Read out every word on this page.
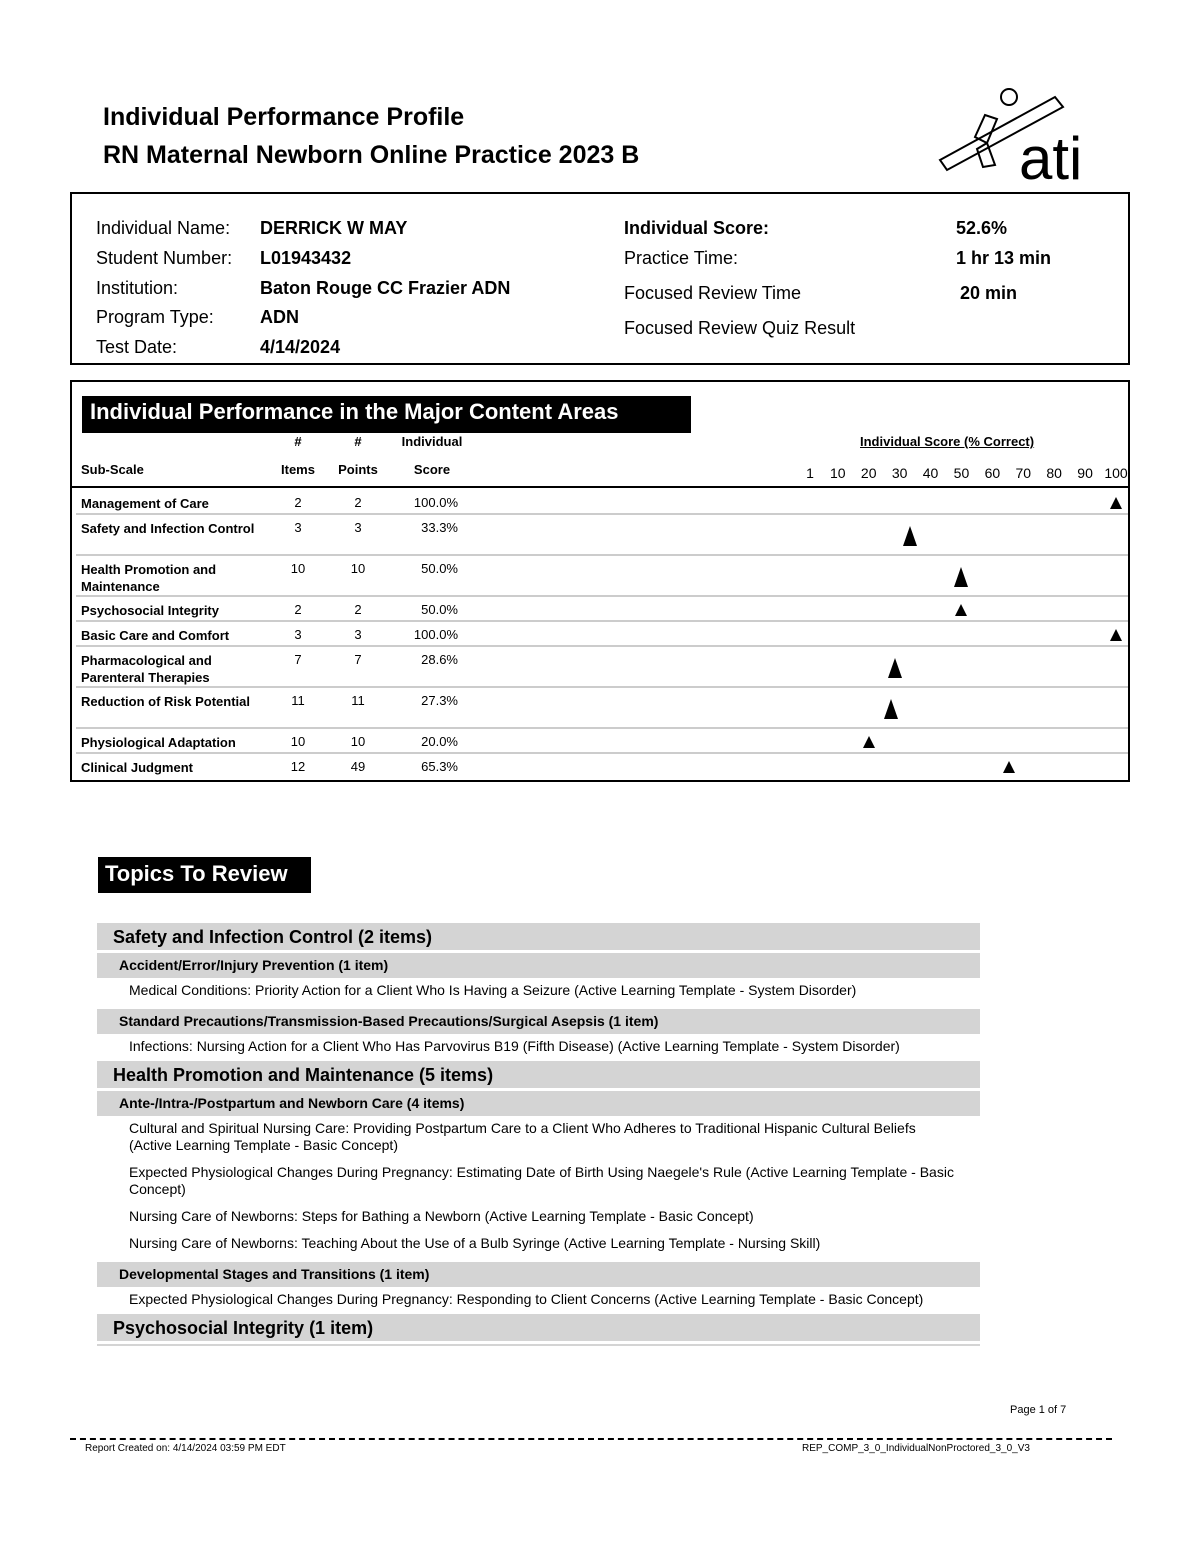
Individual Performance Profile
RN Maternal Newborn Online Practice 2023 B	ati
Individual Name: DERRICK W MAY
Student Number: L01943432
Institution:	Baton Rouge CC Frazier ADN
Program Type:	ADN
Test Date:	4/14/2024
Individual Score:	52.6%
Practice Time:	1 hr 13 min
Focused Review Time	20 min
Focused Review Quiz Result
Individual Performance in the Major Content Areas
#	#	Individual
Sub-Scale	Items Points	Score
Individual Score (% Correct)
1	10	20	30	40	50	60	70	80	90 100
Management of Care	2	2	100.0%
Safety and Infection Control	3	3	33.3%
Health Promotion and Maintenance
10	10	50.0%
Psychosocial Integrity	2	2	50.0%
Basic Care and Comfort	3	3	100.0%
Pharmacological and Parenteral Therapies
7	7	28.6%
Reduction of Risk Potential	11	11	27.3%
Physiological Adaptation	10	10	20.0%
Clinical Judgment	12	49	65.3%
Topics To Review
Safety and Infection Control (2 items)
Accident/Error/Injury Prevention (1 item)
Medical Conditions: Priority Action for a Client Who Is Having a Seizure (Active Learning Template - System Disorder)
Standard Precautions/Transmission-Based Precautions/Surgical Asepsis (1 item)
Infections: Nursing Action for a Client Who Has Parvovirus B19 (Fifth Disease) (Active Learning Template - System Disorder)
Health Promotion and Maintenance (5 items)
Ante-/Intra-/Postpartum and Newborn Care (4 items)
Cultural and Spiritual Nursing Care: Providing Postpartum Care to a Client Who Adheres to Traditional Hispanic Cultural Beliefs (Active Learning Template - Basic Concept)
Expected Physiological Changes During Pregnancy: Estimating Date of Birth Using Naegele's Rule (Active Learning Template - Basic Concept)
Nursing Care of Newborns: Steps for Bathing a Newborn (Active Learning Template - Basic Concept)
Nursing Care of Newborns: Teaching About the Use of a Bulb Syringe (Active Learning Template - Nursing Skill)
Developmental Stages and Transitions (1 item)
Expected Physiological Changes During Pregnancy: Responding to Client Concerns (Active Learning Template - Basic Concept)
Psychosocial Integrity (1 item)
Page 1 of 7
Report Created on: 4/14/2024 03:59 PM EDT	REP_COMP_3_0_IndividualNonProctored_3_0_V3
